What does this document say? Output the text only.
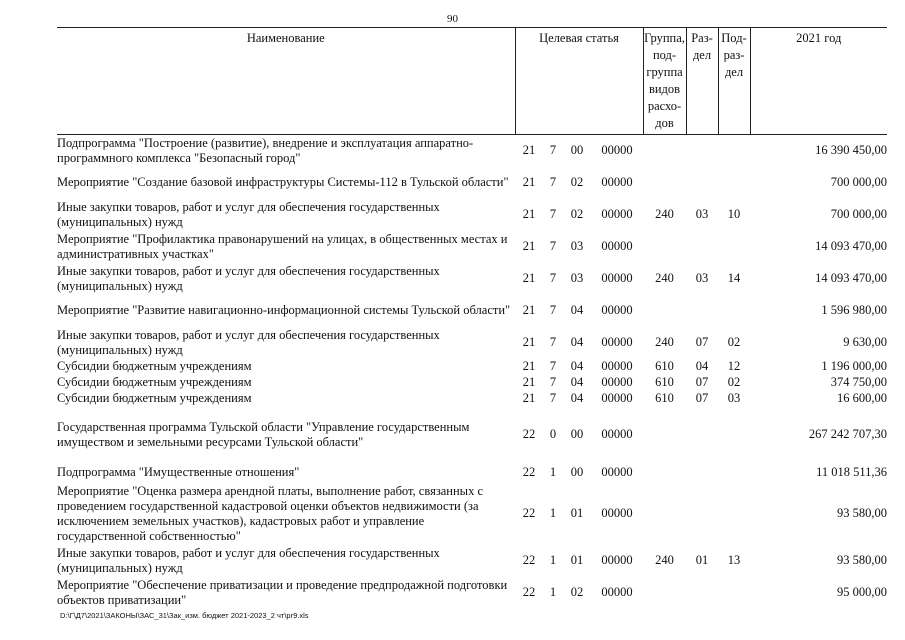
90
Наименование	Целевая статья				Группа, под- группа видов расхо- дов	Раз- дел	Под- раз- дел	2021 год
Подпрограмма "Построение (развитие), внедрение и эксплуатация аппаратно-программного комплекса "Безопасный город"	21	7	00	00000				16 390 450,00
Мероприятие "Создание базовой инфраструктуры Системы-112 в Тульской области"	21	7	02	00000				700 000,00
Иные закупки товаров, работ и услуг для обеспечения государственных (муниципальных) нужд	21	7	02	00000	240	03	10	700 000,00
Мероприятие "Профилактика правонарушений на улицах, в общественных местах и административных участках"	21	7	03	00000				14 093 470,00
Иные закупки товаров, работ и услуг для обеспечения государственных (муниципальных) нужд	21	7	03	00000	240	03	14	14 093 470,00
Мероприятие "Развитие навигационно-информационной системы Тульской области"	21	7	04	00000				1 596 980,00
Иные закупки товаров, работ и услуг для обеспечения государственных (муниципальных) нужд	21	7	04	00000	240	07	02	9 630,00
Субсидии бюджетным учреждениям	21	7	04	00000	610	04	12	1 196 000,00
Субсидии бюджетным учреждениям	21	7	04	00000	610	07	02	374 750,00
Субсидии бюджетным учреждениям	21	7	04	00000	610	07	03	16 600,00

Государственная программа Тульской области "Управление государственным имуществом и земельными ресурсами Тульской области"	22	0	00	00000				267 242 707,30

Подпрограмма "Имущественные отношения"	22	1	00	00000				11 018 511,36
Мероприятие "Оценка размера арендной платы, выполнение работ, связанных с проведением государственной кадастровой оценки объектов недвижимости (за исключением земельных участков), кадастровых работ и управление государственной собственностью"	22	1	01	00000				93 580,00
Иные закупки товаров, работ и услуг для обеспечения государственных (муниципальных) нужд	22	1	01	00000	240	01	13	93 580,00
Мероприятие "Обеспечение приватизации и проведение предпродажной подготовки объектов приватизации"	22	1	02	00000				95 000,00
D:\Г\Д7\2021\ЗАКОНЫ\ЗАС_31\Зак_изм. бюджет 2021-2023_2 чт\pr9.xls
